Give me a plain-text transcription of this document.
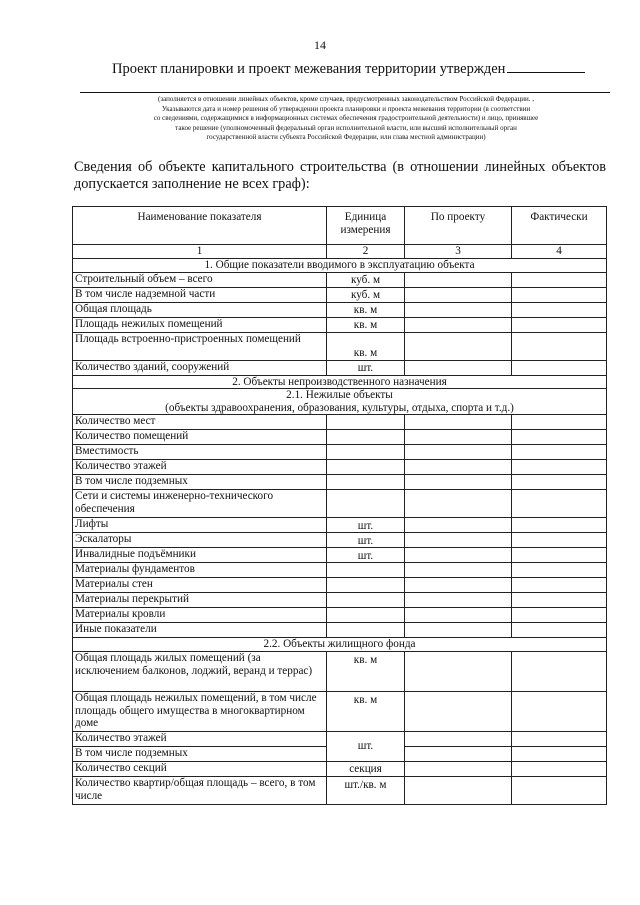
14
Проект планировки и проект межевания территории утвержден
(заполняется в отношении линейных объектов, кроме случаев, предусмотренных законодательством Российской Федерации. ,
Указываются дата и номер решения об утверждении проекта планировки и проекта межевания территории (в соответствии
со сведениями, содержащимися в информационных системах обеспечения градостроительной деятельности) и лицо, принявшее
такое решение (уполномоченный федеральный орган исполнительной власти, или высший исполнительный орган
государственной власти субъекта Российской Федерации, или глава местной администрации)
Сведения об объекте капитального строительства (в отношении линейных объектов допускается заполнение не всех граф):
Наименование показателя	Единица измерения	По проекту	Фактически
1	2	3	4
1. Общие показатели вводимого в эксплуатацию объекта			
Строительный объем – всего	куб. м		
В том числе надземной части	куб. м		
Общая площадь	кв. м		
Площадь нежилых помещений	кв. м		
Площадь встроенно-пристроенных помещений	кв. м		
Количество зданий, сооружений	шт.		
2. Объекты непроизводственного назначения			

2.1. Нежилые объекты
(объекты здравоохранения, образования, культуры, отдыха, спорта и т.д.)			

Количество мест			
Количество помещений			
Вместимость			
Количество этажей			
В том числе подземных			
Сети и системы инженерно-технического обеспечения			
Лифты	шт.		
Эскалаторы	шт.		
Инвалидные подъёмники	шт.		
Материалы фундаментов			
Материалы стен			
Материалы перекрытий			
Материалы кровли			
Иные показатели			
2.2. Объекты жилищного фонда			
Общая площадь жилых помещений (за исключением балконов, лоджий, веранд и террас)	кв. м		
Общая площадь нежилых помещений, в том числе площадь общего имущества в многоквартирном доме	кв. м		
Количество этажей	шт.		
В том числе подземных			
Количество секций	секция		
Количество квартир/общая площадь – всего, в том числе	шт./кв. м		
